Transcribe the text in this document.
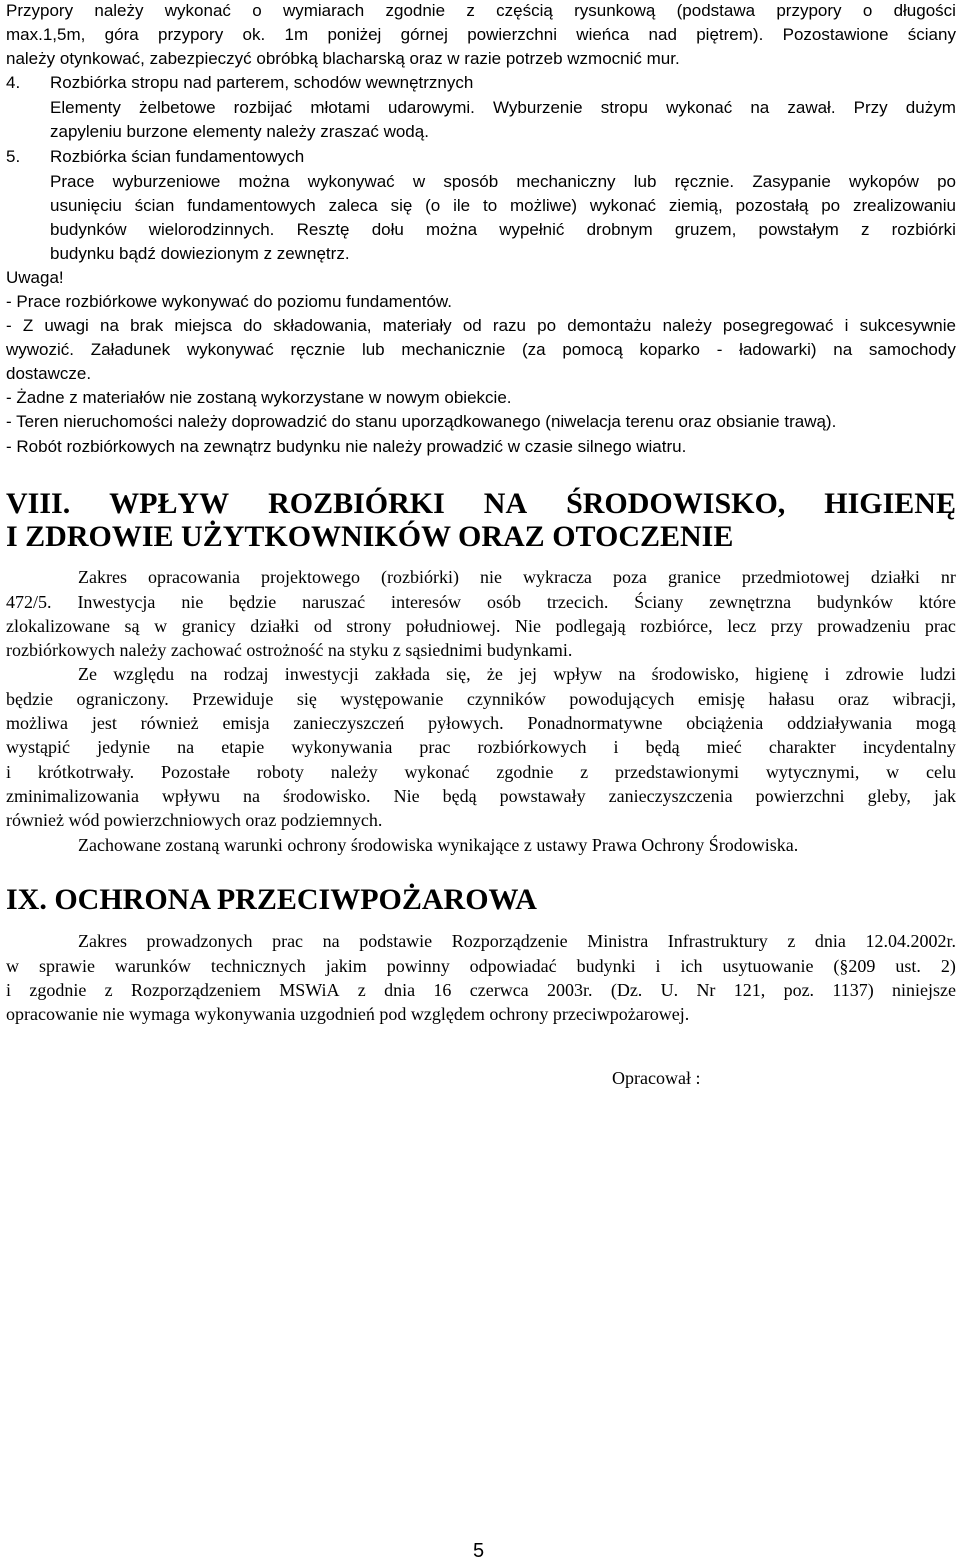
Przypory należy wykonać o wymiarach zgodnie z częścią rysunkową (podstawa przypory o długości
max.1,5m, góra przypory ok. 1m poniżej górnej powierzchni wieńca nad piętrem). Pozostawione ściany
należy otynkować, zabezpieczyć obróbką blacharską oraz w razie potrzeb wzmocnić mur.
4. Rozbiórka stropu nad parterem, schodów wewnętrznych
Elementy żelbetowe rozbijać młotami udarowymi. Wyburzenie stropu wykonać na zawał. Przy dużym
zapyleniu burzone elementy należy zraszać wodą.
5. Rozbiórka ścian fundamentowych
Prace wyburzeniowe można wykonywać w sposób mechaniczny lub ręcznie. Zasypanie wykopów po
usunięciu ścian fundamentowych zaleca się (o ile to możliwe) wykonać ziemią, pozostałą po zrealizowaniu
budynków wielorodzinnych. Resztę dołu można wypełnić drobnym gruzem, powstałym z rozbiórki
budynku bądź dowiezionym z zewnętrz.
Uwaga!
- Prace rozbiórkowe wykonywać do poziomu fundamentów.
- Z uwagi na brak miejsca do składowania, materiały od razu po demontażu należy posegregować i sukcesywnie
wywozić. Załadunek wykonywać ręcznie lub mechanicznie (za pomocą koparko - ładowarki) na samochody
dostawcze.
- Żadne z materiałów nie zostaną wykorzystane w nowym obiekcie.
- Teren nieruchomości należy doprowadzić do stanu uporządkowanego (niwelacja terenu oraz obsianie trawą).
- Robót rozbiórkowych na zewnątrz budynku nie należy prowadzić w czasie silnego wiatru.
VIII. WPŁYW ROZBIÓRKI NA ŚRODOWISKO, HIGIENĘ
I ZDROWIE UŻYTKOWNIKÓW ORAZ OTOCZENIE
Zakres opracowania projektowego (rozbiórki) nie wykracza poza granice przedmiotowej działki nr
472/5. Inwestycja nie będzie naruszać interesów osób trzecich. Ściany zewnętrzna budynków które
zlokalizowane są w granicy działki od strony południowej. Nie podlegają rozbiórce, lecz przy prowadzeniu prac
rozbiórkowych należy zachować ostrożność na styku z sąsiednimi budynkami.
Ze względu na rodzaj inwestycji zakłada się, że jej wpływ na środowisko, higienę i zdrowie ludzi
będzie ograniczony. Przewiduje się występowanie czynników powodujących emisję hałasu oraz wibracji,
możliwa jest również emisja zanieczyszczeń pyłowych. Ponadnormatywne obciążenia oddziaływania mogą
wystąpić jedynie na etapie wykonywania prac rozbiórkowych i będą mieć charakter incydentalny
i krótkotrwały. Pozostałe roboty należy wykonać zgodnie z przedstawionymi wytycznymi, w celu
zminimalizowania wpływu na środowisko. Nie będą powstawały zanieczyszczenia powierzchni gleby, jak
również wód powierzchniowych oraz podziemnych.
Zachowane zostaną warunki ochrony środowiska wynikające z ustawy Prawa Ochrony Środowiska.
IX. OCHRONA PRZECIWPOŻAROWA
Zakres prowadzonych prac na podstawie Rozporządzenie Ministra Infrastruktury z dnia 12.04.2002r.
w sprawie warunków technicznych jakim powinny odpowiadać budynki i ich usytuowanie (§209 ust. 2)
i zgodnie z Rozporządzeniem MSWiA z dnia 16 czerwca 2003r. (Dz. U. Nr 121, poz. 1137) niniejsze
opracowanie nie wymaga wykonywania uzgodnień pod względem ochrony przeciwpożarowej.
Opracował :
5
